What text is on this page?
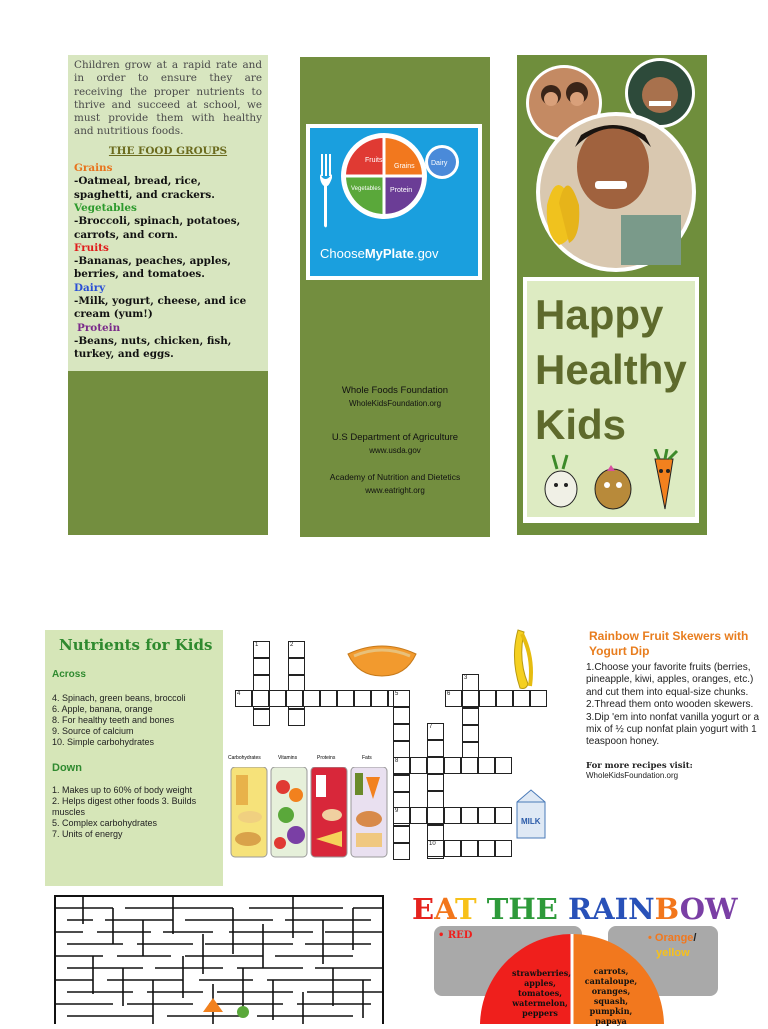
Children grow at a rapid rate and in order to ensure they are receiving the proper nutrients to thrive and succeed at school, we must provide them with healthy and nutritious foods.

THE FOOD GROUPS
Grains
-Oatmeal, bread, rice, spaghetti, and crackers.
Vegetables
-Broccoli, spinach, potatoes, carrots, and corn.
Fruits
-Bananas, peaches, apples, berries, and tomatoes.
Dairy
-Milk, yogurt, cheese, and ice cream (yum!)
Protein
-Beans, nuts, chicken, fish, turkey, and eggs.
Fruits
Grains
Vegetables Protein
Dairy
ChooseMyPlate.gov
Whole Foods Foundation
WholeKidsFoundation.org
U.S Department of Agriculture
www.usda.gov
Academy of Nutrition and Dietetics
www.eatright.org
Happy
Healthy
Kids
Nutrients for Kids
Across
4. Spinach, green beans, broccoli
6. Apple, banana, orange
8. For healthy teeth and bones
9. Source of calcium
10. Simple carbohydrates
Down
1. Makes up to 60% of body weight
2. Helps digest other foods 3. Builds muscles
5. Complex carbohydrates
7. Units of energy
1	2
3
4	5	6
7
8
9
10
MILK
Carbohydrates	Vitamins	Proteins	Fats
Rainbow Fruit Skewers with Yogurt Dip
1.Choose your favorite fruits (berries, pineapple, kiwi, apples, oranges, etc.) and cut them into equal-size chunks.
2.Thread them onto wooden skewers.
3.Dip 'em into nonfat vanilla yogurt or a mix of ½ cup nonfat plain yogurt with 1 teaspoon honey.
For more recipes visit:
WholeKidsFoundation.org
EAT THE RAINBOW
• RED	• Orange/
yellow
strawberries, apples, tomatoes, watermelon, peppers
carrots, cantaloupe, oranges, squash, pumpkin, papaya
